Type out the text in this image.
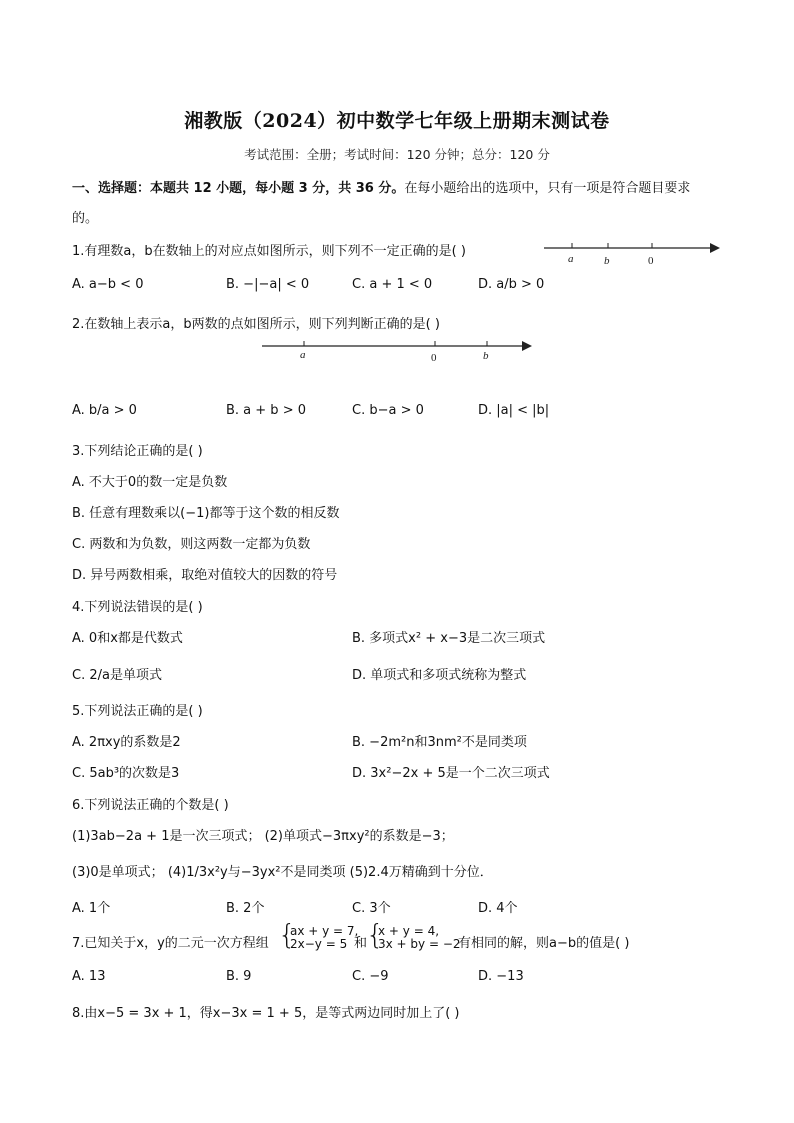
湘教版（2024）初中数学七年级上册期末测试卷
考试范围：全册；考试时间：120 分钟；总分：120 分
一、选择题：本题共 12 小题，每小题 3 分，共 36 分。在每小题给出的选项中，只有一项是符合题目要求
的。
1.有理数a，b在数轴上的对应点如图所示，则下列不一定正确的是( )	a	b	0
A. a−b < 0	B. −|−a| < 0	C. a + 1 < 0	D. a/b > 0
2.在数轴上表示a，b两数的点如图所示，则下列判断正确的是( )
a	0	b
A. b/a > 0	B. a + b > 0	C. b−a > 0	D. |a| < |b|
3.下列结论正确的是( )
A. 不大于0的数一定是负数
B. 任意有理数乘以(−1)都等于这个数的相反数
C. 两数和为负数，则这两数一定都为负数
D. 异号两数相乘，取绝对值较大的因数的符号
4.下列说法错误的是( )
A. 0和x都是代数式	B. 多项式x² + x−3是二次三项式
C. 2/a是单项式	D. 单项式和多项式统称为整式
5.下列说法正确的是( )
A. 2πxy的系数是2	B. −2m²n和3nm²不是同类项
C. 5ab³的次数是3	D. 3x²−2x + 5是一个二次三项式
6.下列说法正确的个数是( )
(1)3ab−2a + 1是一次三项式； (2)单项式−3πxy²的系数是−3；
(3)0是单项式； (4)1/3x²y与−3yx²不是同类项 (5)2.4万精确到十分位．
A. 1个	B. 2个	C. 3个	D. 4个
7.已知关于x，y的二元一次方程组 {
ax + y = 7,
2x−y = 5 和
{
x + y = 4,
3x + by = −2
有相同的解，则a−b的值是( )
A. 13	B. 9	C. −9	D. −13
8.由x−5 = 3x + 1，得x−3x = 1 + 5，是等式两边同时加上了( )
